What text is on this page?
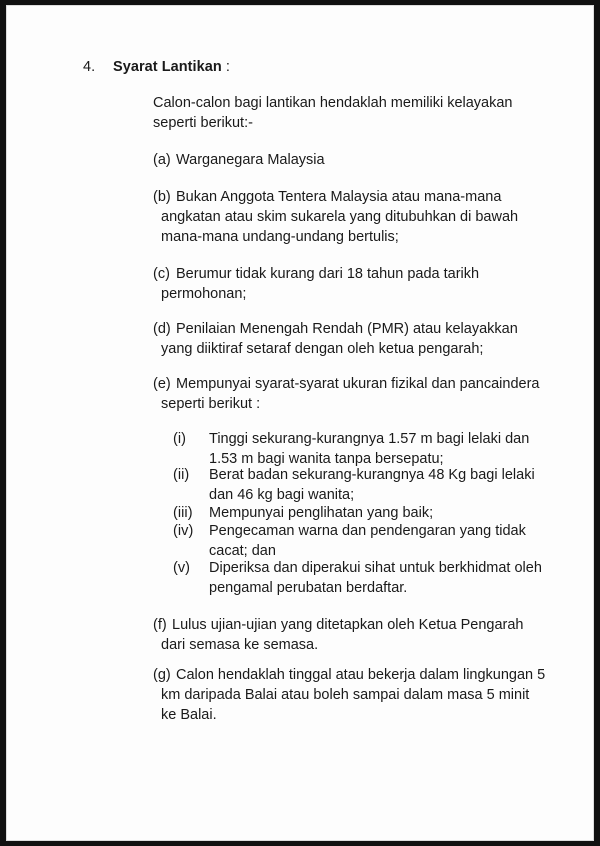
4. Syarat Lantikan :
Calon-calon bagi lantikan hendaklah memiliki kelayakan
seperti berikut:-
(a) Warganegara Malaysia
(b) Bukan Anggota Tentera Malaysia atau mana-mana
angkatan atau skim sukarela yang ditubuhkan di bawah
mana-mana undang-undang bertulis;
(c) Berumur tidak kurang dari 18 tahun pada tarikh
permohonan;
(d) Penilaian Menengah Rendah (PMR) atau kelayakkan
yang diiktiraf setaraf dengan oleh ketua pengarah;
(e) Mempunyai syarat-syarat ukuran fizikal dan pancaindera
seperti berikut :
(i) Tinggi sekurang-kurangnya 1.57 m bagi lelaki dan
1.53 m bagi wanita tanpa bersepatu;
(ii) Berat badan sekurang-kurangnya 48 Kg bagi lelaki
dan 46 kg bagi wanita;
(iii) Mempunyai penglihatan yang baik;
(iv) Pengecaman warna dan pendengaran yang tidak
cacat; dan
(v) Diperiksa dan diperakui sihat untuk berkhidmat oleh
pengamal perubatan berdaftar.
(f) Lulus ujian-ujian yang ditetapkan oleh Ketua Pengarah
dari semasa ke semasa.
(g) Calon hendaklah tinggal atau bekerja dalam lingkungan 5
km daripada Balai atau boleh sampai dalam masa 5 minit
ke Balai.
